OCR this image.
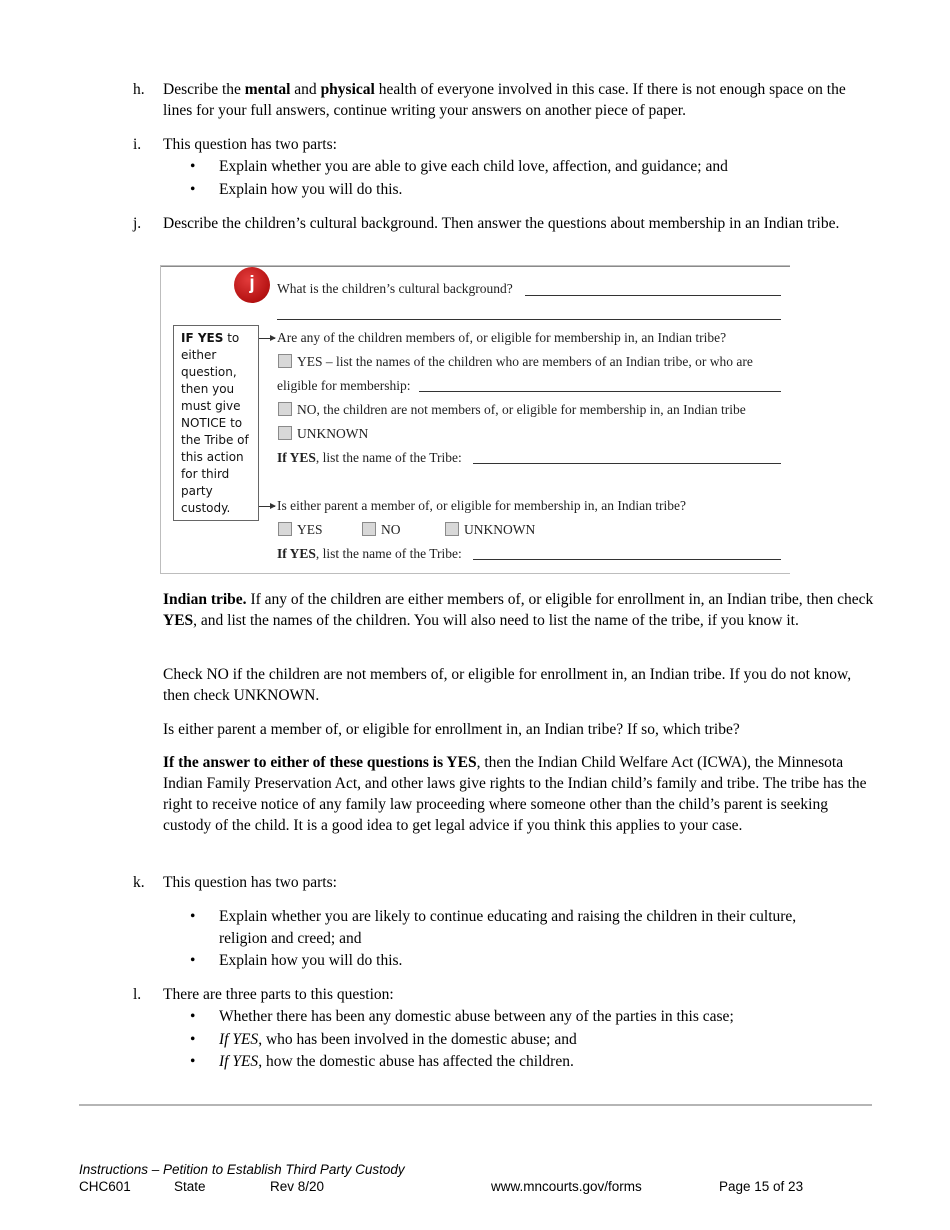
h. Describe the mental and physical health of everyone involved in this case. If there is not enough space on the lines for your full answers, continue writing your answers on another piece of paper.
i. This question has two parts:
• Explain whether you are able to give each child love, affection, and guidance; and
• Explain how you will do this.
j. Describe the children’s cultural background. Then answer the questions about membership in an Indian tribe.
j	What is the children’s cultural background?
IF YES to either question, then you must give NOTICE to the Tribe of this action for third party custody.
Are any of the children members of, or eligible for membership in, an Indian tribe?
YES – list the names of the children who are members of an Indian tribe, or who are
eligible for membership:
NO, the children are not members of, or eligible for membership in, an Indian tribe
UNKNOWN
If YES, list the name of the Tribe:
Is either parent a member of, or eligible for membership in, an Indian tribe?
YES	NO	UNKNOWN
If YES, list the name of the Tribe:
Indian tribe. If any of the children are either members of, or eligible for enrollment in, an Indian tribe, then check YES, and list the names of the children. You will also need to list the name of the tribe, if you know it.
Check NO if the children are not members of, or eligible for enrollment in, an Indian tribe. If you do not know, then check UNKNOWN.
Is either parent a member of, or eligible for enrollment in, an Indian tribe? If so, which tribe?
If the answer to either of these questions is YES, then the Indian Child Welfare Act (ICWA), the Minnesota Indian Family Preservation Act, and other laws give rights to the Indian child’s family and tribe. The tribe has the right to receive notice of any family law proceeding where someone other than the child’s parent is seeking custody of the child. It is a good idea to get legal advice if you think this applies to your case.
k. This question has two parts:
• Explain whether you are likely to continue educating and raising the children in their culture,
religion and creed; and
• Explain how you will do this.
l. There are three parts to this question:
• Whether there has been any domestic abuse between any of the parties in this case;
• If YES, who has been involved in the domestic abuse; and
• If YES, how the domestic abuse has affected the children.
Instructions – Petition to Establish Third Party Custody
CHC601	State	Rev 8/20	www.mncourts.gov/forms	Page 15 of 23
